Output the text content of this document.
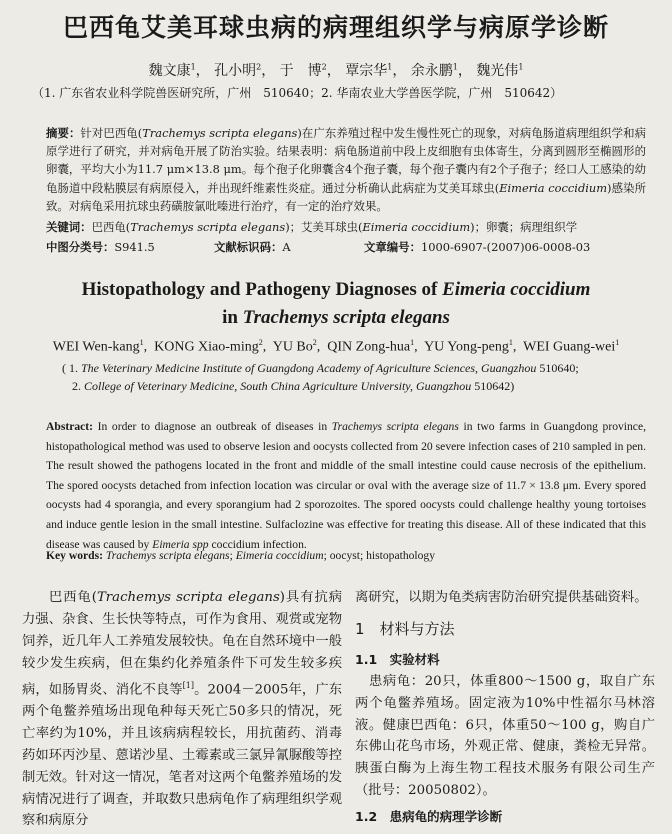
巴西龟艾美耳球虫病的病理组织学与病原学诊断
魏文康$^1$， 孔小明$^2$， 于　博$^2$， 覃宗华$^1$， 余永鹏$^1$， 魏光伟$^1$
（1. 广东省农业科学院兽医研究所，广州　510640；2. 华南农业大学兽医学院，广州　510642）
摘要：针对巴西龟(Trachemys scripta elegans)在广东养殖过程中发生慢性死亡的现象，对病龟肠道病理组织学和病原学进行了研究，并对病龟开展了防治实验。结果表明：病龟肠道前中段上皮细胞有虫体寄生，分离到圆形至椭圆形的卵囊，平均大小为11.7 μm×13.8 μm。每个孢子化卵囊含4个孢子囊，每个孢子囊内有2个子孢子；经口人工感染的幼龟肠道中段粘膜层有病原侵入，并出现纤维素性炎症。通过分析确认此病症为艾美耳球虫(Eimeria coccidium)感染所致。对病龟采用抗球虫药磺胺氯吡嗪进行治疗，有一定的治疗效果。
关键词：巴西龟(Trachemys scripta elegans)；艾美耳球虫(Eimeria coccidium)；卵囊；病理组织学
中图分类号：S941.5	文献标识码：A	文章编号：1000-6907-(2007)06-0008-03
Histopathology and Pathogeny Diagnoses of Eimeria coccidium
in Trachemys scripta elegans
WEI Wen-kang$^1$,  KONG Xiao-ming$^2$,  YU Bo$^2$,  QIN Zong-hua$^1$,  YU Yong-peng$^1$,  WEI Guang-wei$^1$
( 1. The Veterinary Medicine Institute of Guangdong Academy of Agriculture Sciences, Guangzhou 510640;
2. College of Veterinary Medicine, South China Agriculture University, Guangzhou 510642)
Abstract: In order to diagnose an outbreak of diseases in Trachemys scripta elegans in two farms in Guangdong province, histopathological method was used to observe lesion and oocysts collected from 20 severe infection cases of 210 sampled in pen. The result showed the pathogens located in the front and middle of the small intestine could cause necrosis of the epithelium. The spored oocysts detached from infection location was circular or oval with the average size of 11.7 × 13.8 μm. Every spored oocysts had 4 sporangia, and every sporangium had 2 sporozoites. The spored oocysts could challenge healthy young tortoises and induce gentle lesion in the small intestine. Sulfaclozine was effective for treating this disease. All of these indicated that this disease was caused by Eimeria spp coccidium infection.
Key words: Trachemys scripta elegans; Eimeria coccidium; oocyst; histopathology
巴西龟(Trachemys scripta elegans)具有抗病力强、杂食、生长快等特点，可作为食用、观赏或宠物饲养，近几年人工养殖发展较快。龟在自然环境中一般较少发生疾病，但在集约化养殖条件下可发生较多疾病，如肠胃炎、消化不良等[1]。2004－2005年，广东两个龟鳖养殖场出现龟种每天死亡50多只的情况，死亡率约为10%，并且该病病程较长，用抗菌药、消毒药如环丙沙星、蒽诺沙星、土霉素或三氯异氰脲酸等控制无效。针对这一情况，笔者对这两个龟鳖养殖场的发病情况进行了调查，并取数只患病龟作了病理组织学观察和病原分
离研究，以期为龟类病害防治研究提供基础资料。
1　材料与方法
1.1　实验材料
　患病龟：20只，体重800～1500 g，取自广东两个龟鳖养殖场。固定液为10%中性福尔马林溶液。健康巴西龟：6只，体重50～100 g，购自广东佛山花鸟市场，外观正常、健康，粪检无异常。胰蛋白酶为上海生物工程技术服务有限公司生产（批号：20050802）。
1.2　患病龟的病理学诊断
